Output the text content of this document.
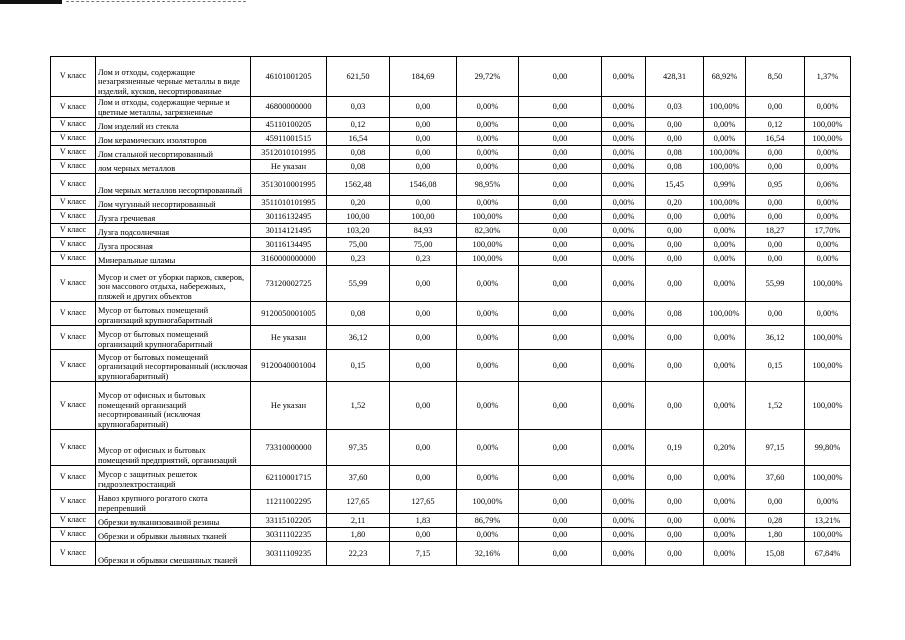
V класс	Лом и отходы, содержащие незагрязненные черные металлы в виде изделий, кусков, несортированные	46101001205	621,50	184,69	29,72%	0,00	0,00%	428,31	68,92%	8,50	1,37%
V класс	Лом и отходы, содержащие черные и цветные металлы, загрязненные	46800000000	0,03	0,00	0,00%	0,00	0,00%	0,03	100,00%	0,00	0,00%
V класс	Лом изделий из стекла	45110100205	0,12	0,00	0,00%	0,00	0,00%	0,00	0,00%	0,12	100,00%
V класс	Лом керамических изоляторов	45911001515	16,54	0,00	0,00%	0,00	0,00%	0,00	0,00%	16,54	100,00%
V класс	Лом стальной несортированный	3512010101995	0,08	0,00	0,00%	0,00	0,00%	0,08	100,00%	0,00	0,00%
V класс	лом черных металлов	Не указан	0,08	0,00	0,00%	0,00	0,00%	0,08	100,00%	0,00	0,00%
V класс	Лом черных металлов несортированный	3513010001995	1562,48	1546,08	98,95%	0,00	0,00%	15,45	0,99%	0,95	0,06%
V класс	Лом чугунный несортированный	3511010101995	0,20	0,00	0,00%	0,00	0,00%	0,20	100,00%	0,00	0,00%
V класс	Лузга гречневая	30116132495	100,00	100,00	100,00%	0,00	0,00%	0,00	0,00%	0,00	0,00%
V класс	Лузга подсолнечная	30114121495	103,20	84,93	82,30%	0,00	0,00%	0,00	0,00%	18,27	17,70%
V класс	Лузга просяная	30116134495	75,00	75,00	100,00%	0,00	0,00%	0,00	0,00%	0,00	0,00%
V класс	Минеральные шламы	3160000000000	0,23	0,23	100,00%	0,00	0,00%	0,00	0,00%	0,00	0,00%
V класс	Мусор и смет от уборки парков, скверов, зон массового отдыха, набережных, пляжей и других объектов	73120002725	55,99	0,00	0,00%	0,00	0,00%	0,00	0,00%	55,99	100,00%
V класс	Мусор от бытовых помещений организаций крупногабаритный	9120050001005	0,08	0,00	0,00%	0,00	0,00%	0,08	100,00%	0,00	0,00%
V класс	Мусор от бытовых помещений организаций крупногабаритный	Не указан	36,12	0,00	0,00%	0,00	0,00%	0,00	0,00%	36,12	100,00%
V класс	Мусор от бытовых помещений организаций несортированный (исключая крупногабаритный)	9120040001004	0,15	0,00	0,00%	0,00	0,00%	0,00	0,00%	0,15	100,00%
V класс	Мусор от офисных и бытовых помещений организаций несортированный (исключая крупногабаритный)	Не указан	1,52	0,00	0,00%	0,00	0,00%	0,00	0,00%	1,52	100,00%
V класс	Мусор от офисных и бытовых помещений предприятий, организаций	73310000000	97,35	0,00	0,00%	0,00	0,00%	0,19	0,20%	97,15	99,80%
V класс	Мусор с защитных решеток гидроэлектростанций	62110001715	37,60	0,00	0,00%	0,00	0,00%	0,00	0,00%	37,60	100,00%
V класс	Навоз крупного рогатого скота перепревший	11211002295	127,65	127,65	100,00%	0,00	0,00%	0,00	0,00%	0,00	0,00%
V класс	Обрезки вулканизованной резины	33115102205	2,11	1,83	86,79%	0,00	0,00%	0,00	0,00%	0,28	13,21%
V класс	Обрезки и обрывки льняных тканей	30311102235	1,80	0,00	0,00%	0,00	0,00%	0,00	0,00%	1,80	100,00%
V класс	Обрезки и обрывки смешанных тканей	30311109235	22,23	7,15	32,16%	0,00	0,00%	0,00	0,00%	15,08	67,84%
